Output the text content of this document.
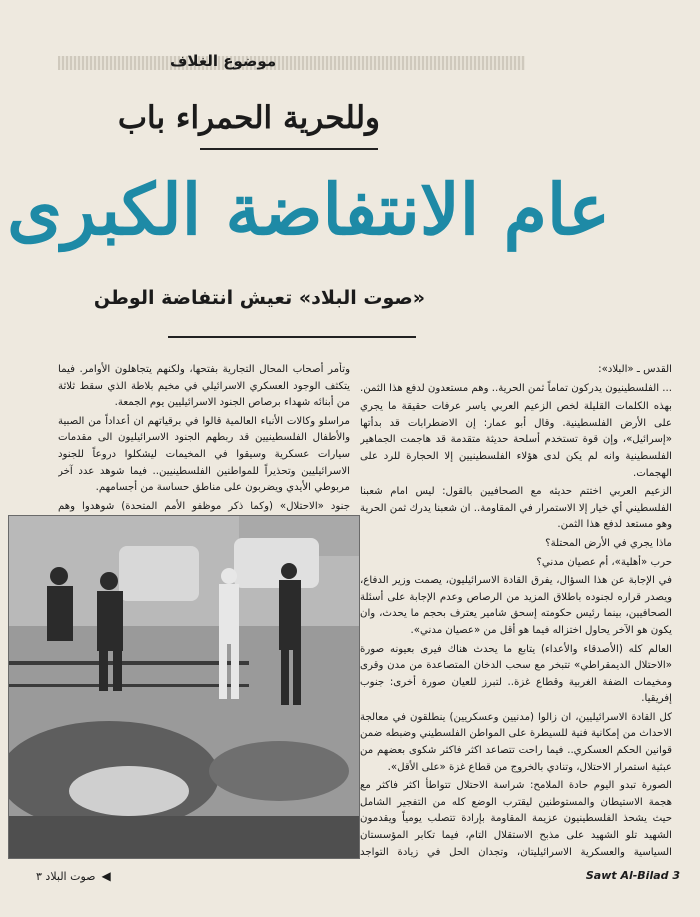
موضوع الغلاف
وللحرية الحمراء باب
عام الانتفاضة الكبرى
«صوت البلاد» تعيش انتفاضة الوطن

القدس ـ «البلاد»:

... الفلسطينيون يدركون تماماً ثمن الحرية.. وهم مستعدون لدفع هذا الثمن.

بهذه الكلمات القليلة لخص الزعيم العربي ياسر عرفات حقيقة ما يجري على الأرض الفلسطينية. وقال أبو عمار: إن الاضطرابات قد بدأتها «إسرائيل»، وإن قوة تستخدم أسلحة حديثة متقدمة قد هاجمت الجماهير الفلسطينية وانه لم يكن لدى هؤلاء الفلسطينيين إلا الحجارة للرد على الهجمات.

الزعيم العربي اختتم حديثه مع الصحافيين بالقول: ليس امام شعبنا الفلسطيني أي خيار إلا الاستمرار في المقاومة.. ان شعبنا يدرك ثمن الحرية وهو مستعد لدفع هذا الثمن.

ماذا يجري في الأرض المحتلة؟

حرب «أهلية»، أم عصيان مدني؟

في الإجابة عن هذا السؤال، يفرق القادة الاسرائيليون، يصمت وزير الدفاع، ويصدر قراره لجنوده باطلاق المزيد من الرصاص وعدم الإجابة على أسئلة الصحافيين، بينما رئيس حكومته إسحق شامير يعترف بحجم ما يحدث، وان يكون هو الآخر يحاول اختزاله فيما هو أقل من «عصيان مدني».

العالم كله (الأصدقاء والأعداء) يتابع ما يحدث هناك فيرى بعيونه صورة «الاحتلال الديمقراطي» تتبخر مع سحب الدخان المتصاعدة من مدن وقرى ومخيمات الضفة الغربية وقطاع غزة.. لتبرز للعيان صورة أخرى: جنوب إفريقيا.

كل القادة الاسرائيليين، ان زالوا (مدنيين وعسكريين) ينطلقون في معالجة الاحداث من إمكانية فنية للسيطرة على المواطن الفلسطيني وضبطه ضمن قوانين الحكم العسكري.. فيما راحت تتصاعد اكثر فاكثر شكوى بعضهم من عبثية استمرار الاحتلال، وتنادي بالخروج من قطاع غزة «على الأقل».

الصورة تبدو اليوم حادة الملامح: شراسة الاحتلال تتواطأ اكثر فاكثر مع هجمة الاستيطان والمستوطنين ليقترب الوضع كله من التفجير الشامل حيث يشحذ الفلسطينيون عزيمة المقاومة بإرادة تتصلب يومياً ويقدمون الشهيد تلو الشهيد على مذبح الاستقلال التام، فيما تكابر المؤسستان السياسية والعسكرية الاسرائيليتان، وتجدان الحل في زيادة التواجد

وتأمر أصحاب المحال التجارية بفتحها، ولكنهم يتجاهلون الأوامر. فيما يتكثف الوجود العسكري الاسرائيلي في مخيم بلاطة الذي سقط ثلاثة من أبنائه شهداء برصاص الجنود الاسرائيليين يوم الجمعة.

مراسلو وكالات الأنباء العالمية قالوا في برقياتهم ان أعداداً من الصبية والأطفال الفلسطينيين قد ربطهم الجنود الاسرائيليون الى مقدمات سيارات عسكرية وسيقوا في المخيمات ليشكلوا دروعاً للجنود الاسرائيليين وتحذيراً للمواطنين الفلسطينيين.. فيما شوهد عدد آخر مربوطي الأيدي ويضربون على مناطق حساسة من أجسامهم.

جنود «الاحتلال» (وكما ذكر موظفو الأمم المتحدة) شوهدوا وهم

◀
صوت البلاد ٣	Sawt Al-Bilad 3
